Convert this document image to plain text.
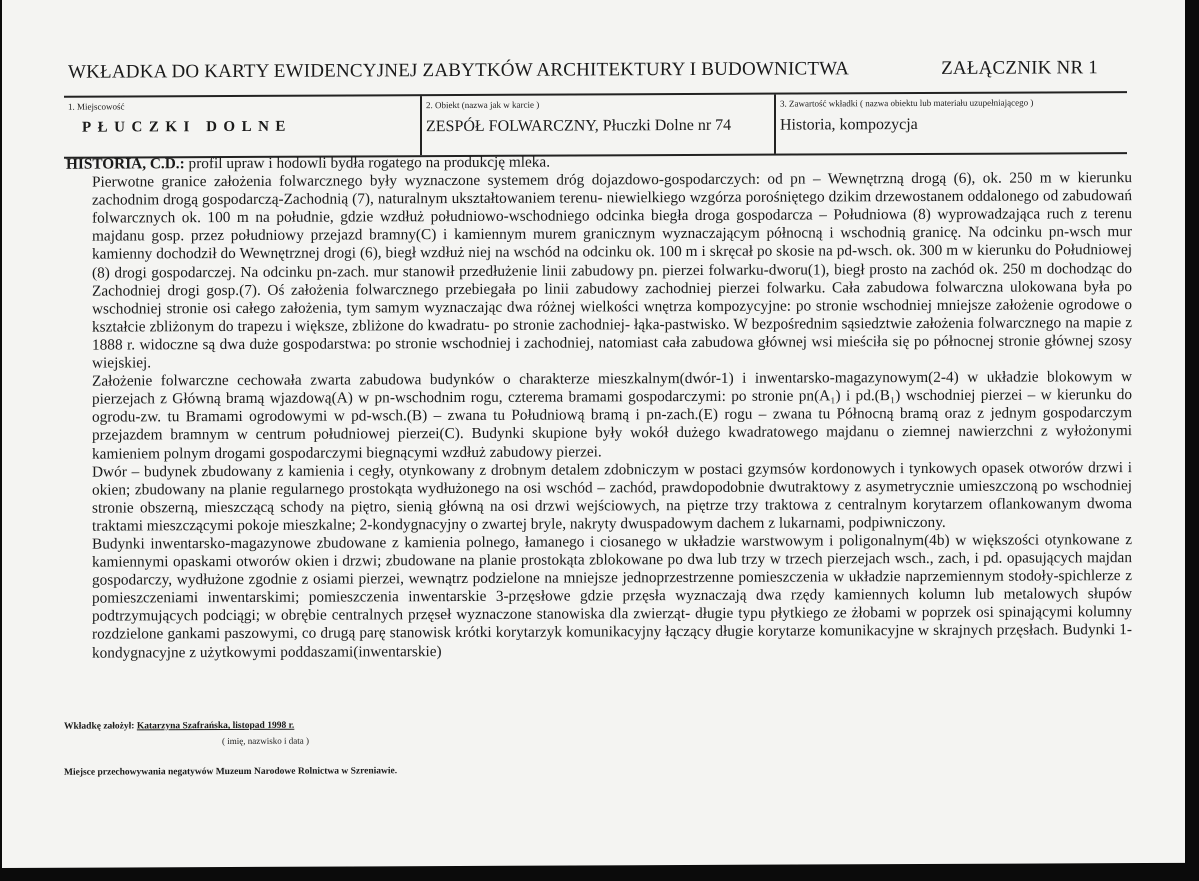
WKŁADKA DO KARTY EWIDENCYJNEJ ZABYTKÓW ARCHITEKTURY I BUDOWNICTWA	ZAŁĄCZNIK NR 1
1. Miejscowość
PŁUCZKI DOLNE
2. Obiekt (nazwa jak w karcie )
ZESPÓŁ FOLWARCZNY, Płuczki Dolne nr 74
3. Zawartość wkładki ( nazwa obiektu lub materiału uzupełniającego )
Historia, kompozycja

HISTORIA, C.D.: profil upraw i hodowli bydła rogatego na produkcję mleka.

Pierwotne granice założenia folwarcznego były wyznaczone systemem dróg dojazdowo-gospodarczych: od pn – Wewnętrzną drogą (6), ok. 250 m w kierunku zachodnim drogą gospodarczą-Zachodnią (7), naturalnym ukształtowaniem terenu- niewielkiego wzgórza porośniętego dzikim drzewostanem oddalonego od zabudowań folwarcznych ok. 100 m na południe, gdzie wzdłuż południowo-wschodniego odcinka biegła droga gospodarcza – Południowa (8) wyprowadzająca ruch z terenu majdanu gosp. przez południowy przejazd bramny(C) i kamiennym murem granicznym wyznaczającym północną i wschodnią granicę. Na odcinku pn-wsch mur kamienny dochodził do Wewnętrznej drogi (6), biegł wzdłuż niej na wschód na odcinku ok. 100 m i skręcał po skosie na pd-wsch. ok. 300 m w kierunku do Południowej (8) drogi gospodarczej. Na odcinku pn-zach. mur stanowił przedłużenie linii zabudowy pn. pierzei folwarku-dworu(1), biegł prosto na zachód ok. 250 m dochodząc do Zachodniej drogi gosp.(7). Oś założenia folwarcznego przebiegała po linii zabudowy zachodniej pierzei folwarku. Cała zabudowa folwarczna ulokowana była po wschodniej stronie osi całego założenia, tym samym wyznaczając dwa różnej wielkości wnętrza kompozycyjne: po stronie wschodniej mniejsze założenie ogrodowe o kształcie zbliżonym do trapezu i większe, zbliżone do kwadratu- po stronie zachodniej- łąka-pastwisko. W bezpośrednim sąsiedztwie założenia folwarcznego na mapie z 1888 r. widoczne są dwa duże gospodarstwa: po stronie wschodniej i zachodniej, natomiast cała zabudowa głównej wsi mieściła się po północnej stronie głównej szosy wiejskiej.

Założenie folwarczne cechowała zwarta zabudowa budynków o charakterze mieszkalnym(dwór-1) i inwentarsko-magazynowym(2-4) w układzie blokowym w pierzejach z Główną bramą wjazdową(A) w pn-wschodnim rogu, czterema bramami gospodarczymi: po stronie pn(A₁) i pd.(B₁) wschodniej pierzei – w kierunku do ogrodu-zw. tu Bramami ogrodowymi w pd-wsch.(B) – zwana tu Południową bramą i pn-zach.(E) rogu – zwana tu Północną bramą oraz z jednym gospodarczym przejazdem bramnym w centrum południowej pierzei(C). Budynki skupione były wokół dużego kwadratowego majdanu o ziemnej nawierzchni z wyłożonymi kamieniem polnym drogami gospodarczymi biegnącymi wzdłuż zabudowy pierzei.

Dwór – budynek zbudowany z kamienia i cegły, otynkowany z drobnym detalem zdobniczym w postaci gzymsów kordonowych i tynkowych opasek otworów drzwi i okien; zbudowany na planie regularnego prostokąta wydłużonego na osi wschód – zachód, prawdopodobnie dwutraktowy z asymetrycznie umieszczoną po wschodniej stronie obszerną, mieszczącą schody na piętro, sienią główną na osi drzwi wejściowych, na piętrze trzy traktowa z centralnym korytarzem oflankowanym dwoma traktami mieszczącymi pokoje mieszkalne; 2-kondygnacyjny o zwartej bryle, nakryty dwuspadowym dachem z lukarnami, podpiwniczony.

Budynki inwentarsko-magazynowe zbudowane z kamienia polnego, łamanego i ciosanego w układzie warstwowym i poligonalnym(4b) w większości otynkowane z kamiennymi opaskami otworów okien i drzwi; zbudowane na planie prostokąta zblokowane po dwa lub trzy w trzech pierzejach wsch., zach, i pd. opasujących majdan gospodarczy, wydłużone zgodnie z osiami pierzei, wewnątrz podzielone na mniejsze jednoprzestrzenne pomieszczenia w układzie naprzemiennym stodoły-spichlerze z pomieszczeniami inwentarskimi; pomieszczenia inwentarskie 3-przęsłowe gdzie przęsła wyznaczają dwa rzędy kamiennych kolumn lub metalowych słupów podtrzymujących podciągi; w obrębie centralnych przęseł wyznaczone stanowiska dla zwierząt- długie typu płytkiego ze żłobami w poprzek osi spinającymi kolumny rozdzielone gankami paszowymi, co drugą parę stanowisk krótki korytarzyk komunikacyjny łączący długie korytarze komunikacyjne w skrajnych przęsłach. Budynki 1-kondygnacyjne z użytkowymi poddaszami(inwentarskie)

Wkładkę założył: Katarzyna Szafrańska, listopad 1998 r.
( imię, nazwisko i data )
Miejsce przechowywania negatywów Muzeum Narodowe Rolnictwa w Szreniawie.
